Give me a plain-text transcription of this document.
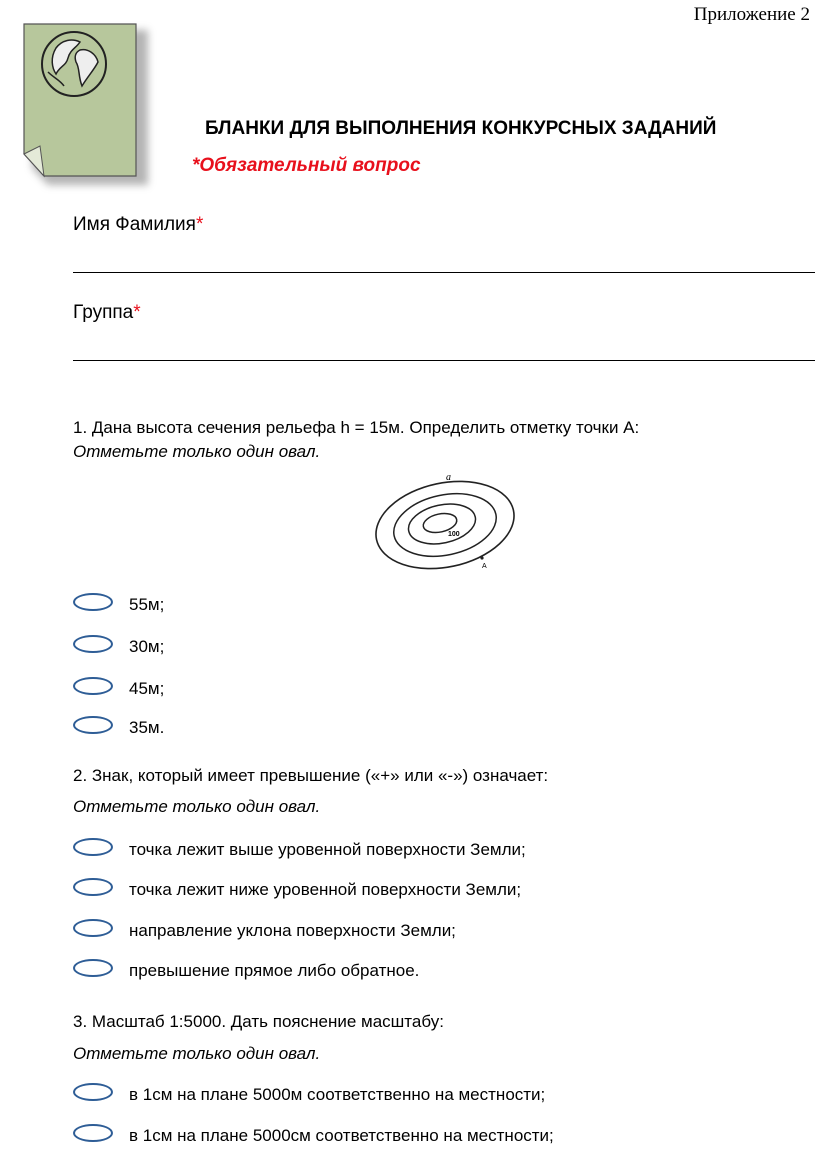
Приложение 2
БЛАНКИ ДЛЯ ВЫПОЛНЕНИЯ КОНКУРСНЫХ ЗАДАНИЙ
*Обязательный вопрос
Имя Фамилия*
Группа*
1. Дана высота сечения рельефа h = 15м. Определить отметку точки А:
Отметьте только один овал.
а
100
А
55м;
30м;
45м;
35м.
2. Знак, который имеет превышение («+» или «-») означает:
Отметьте только один овал.
точка лежит выше уровенной поверхности Земли;
точка лежит ниже уровенной поверхности Земли;
направление уклона поверхности Земли;
превышение прямое либо обратное.
3. Масштаб 1:5000. Дать пояснение масштабу:
Отметьте только один овал.
в 1см на плане 5000м соответственно на местности;
в 1см на плане 5000см соответственно на местности;
